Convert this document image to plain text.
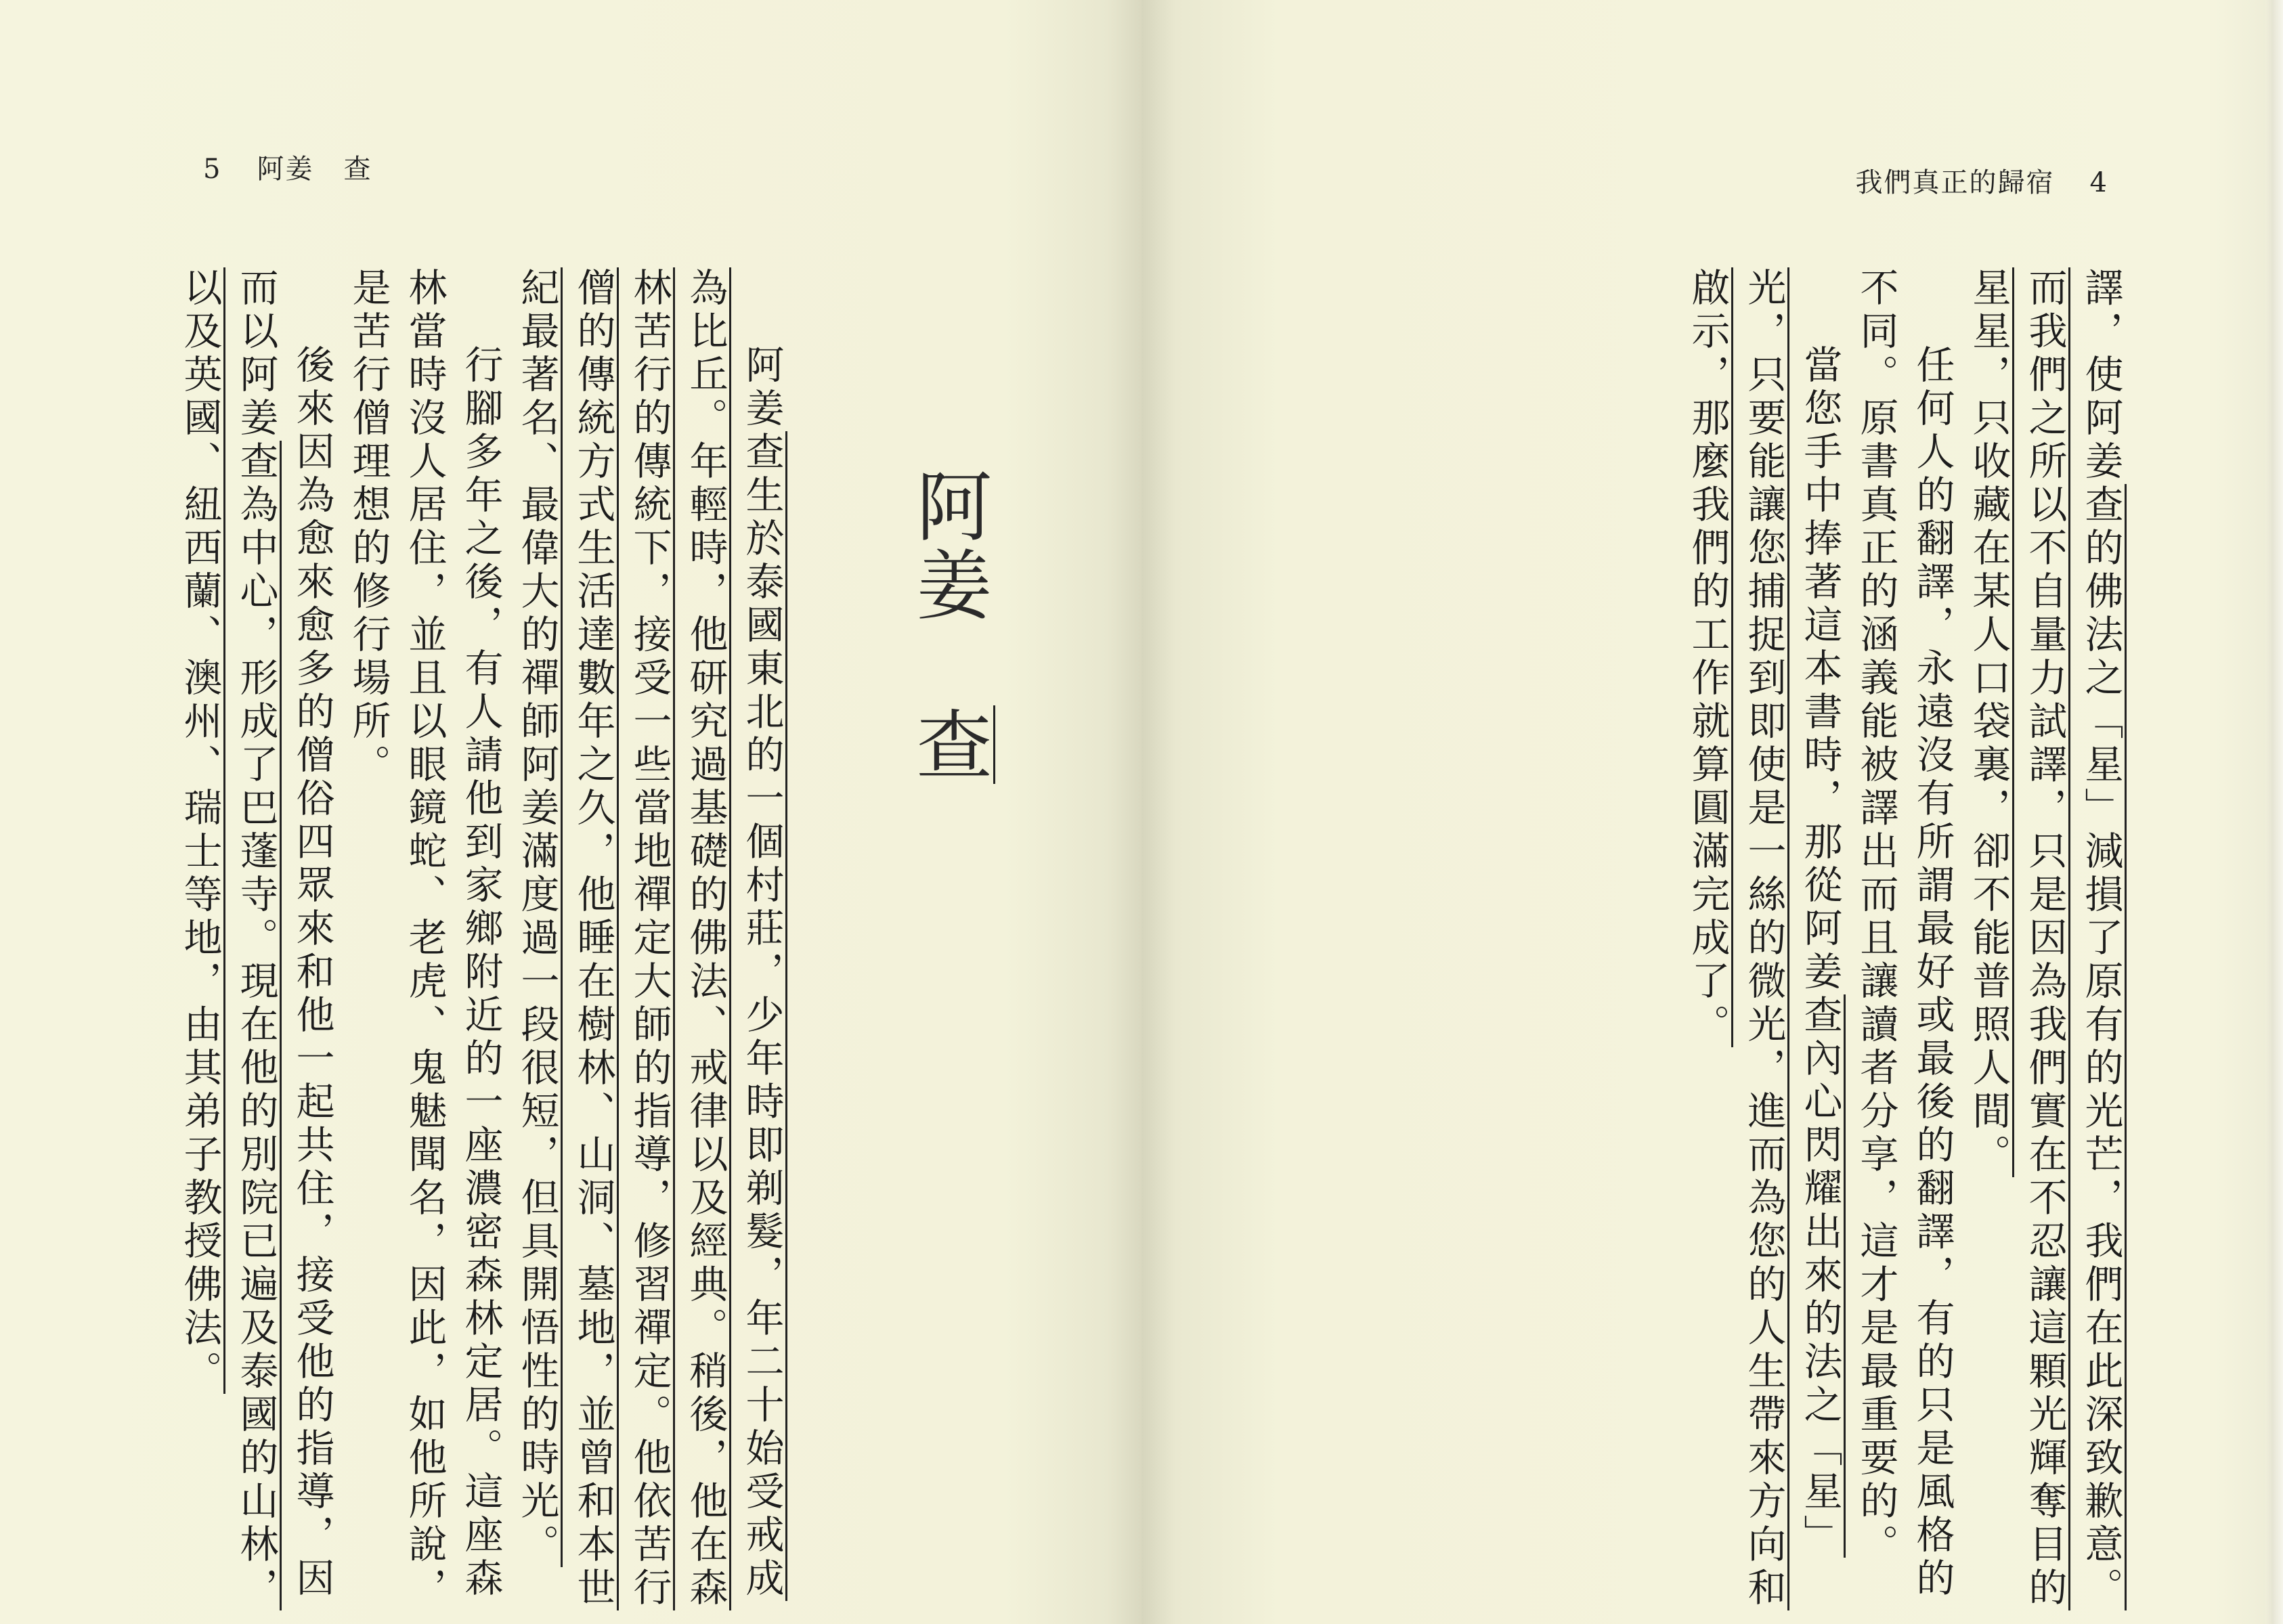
5 阿姜 查
阿姜查

阿姜查生於泰國東北的一個村莊，少年時即剃髮，年二十始受戒成為比丘。年輕時，他研究過基礎的佛法、戒律以及經典。稍後，他在森林苦行的傳統下，接受一些當地禪定大師的指導，修習禪定。他依苦行僧的傳統方式生活達數年之久，他睡在樹林、山洞、墓地，並曾和本世紀最著名、最偉大的禪師阿姜滿度過一段很短，但具開悟性的時光。

行腳多年之後，有人請他到家鄉附近的一座濃密森林定居。這座森林當時沒人居住，並且以眼鏡蛇、老虎、鬼魅聞名，因此，如他所說，是苦行僧理想的修行場所。

後來因為愈來愈多的僧俗四眾來和他一起共住，接受他的指導，因而以阿姜查為中心，形成了巴蓬寺。現在他的別院已遍及泰國的山林，以及英國、紐西蘭、澳州、瑞士等地，由其弟子教授佛法。

我們真正的歸宿 4

譯，使阿姜查的佛法之「星」減損了原有的光芒，我們在此深致歉意。而我們之所以不自量力試譯，只是因為我們實在不忍讓這顆光輝奪目的星星，只收藏在某人口袋裏，卻不能普照人間。

任何人的翻譯，永遠沒有所謂最好或最後的翻譯，有的只是風格的不同。原書真正的涵義能被譯出而且讓讀者分享，這才是最重要的。

當您手中捧著這本書時，那從阿姜查內心閃耀出來的法之「星」光，只要能讓您捕捉到即使是一絲的微光，進而為您的人生帶來方向和啟示，那麼我們的工作就算圓滿完成了。
